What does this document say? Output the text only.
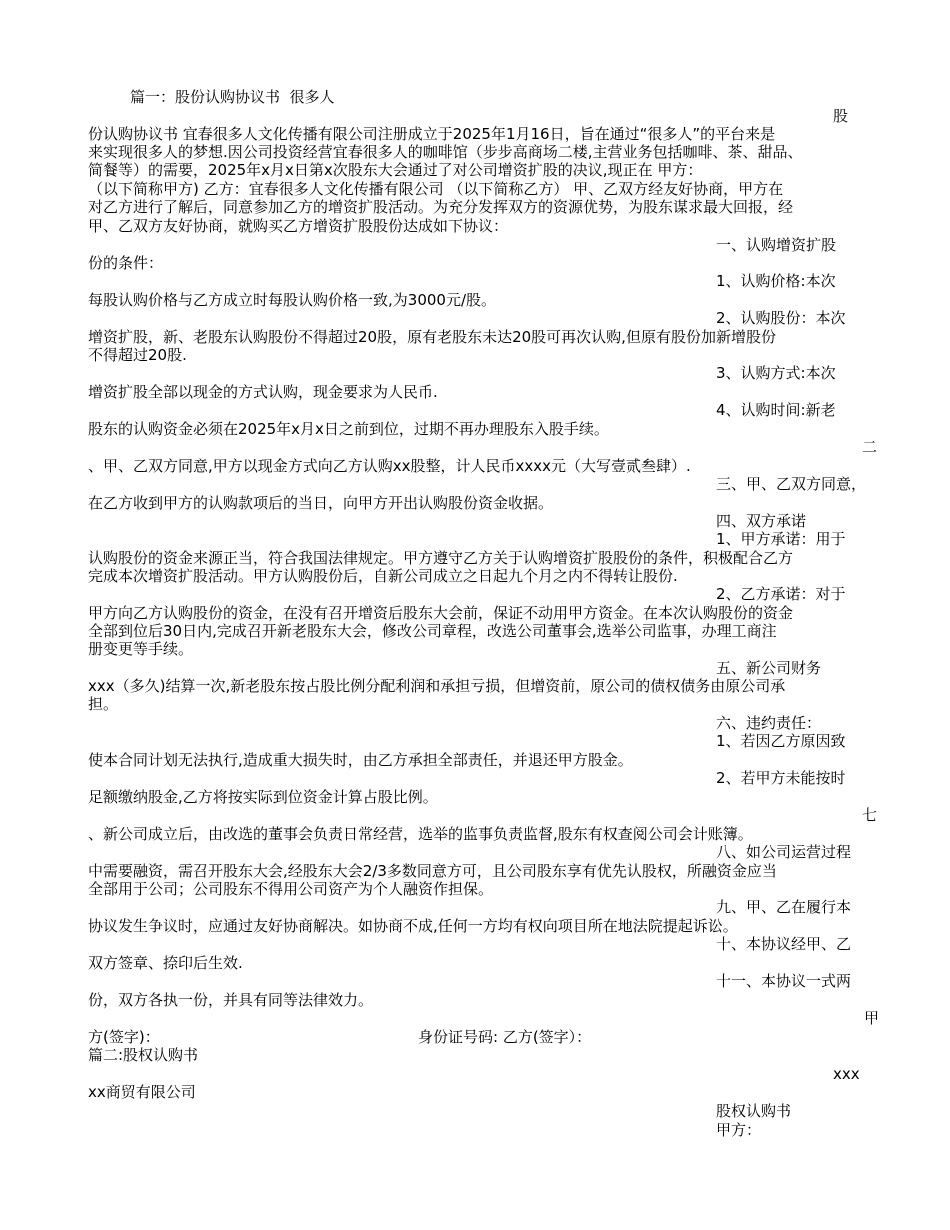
篇一：股份认购协议书  很多人

股

份认购协议书 宜春很多人文化传播有限公司注册成立于2025年1月16日，旨在通过“很多人”的平台来是

来实现很多人的梦想.因公司投资经营宜春很多人的咖啡馆（步步高商场二楼,主营业务包括咖啡、茶、甜品、

简餐等）的需要，2025年x月x日第x次股东大会通过了对公司增资扩股的决议,现正在 甲方：

（以下简称甲方) 乙方：宜春很多人文化传播有限公司 （以下简称乙方） 甲、乙双方经友好协商，甲方在

对乙方进行了解后，同意参加乙方的增资扩股活动。为充分发挥双方的资源优势，为股东谋求最大回报，经

甲、乙双方友好协商，就购买乙方增资扩股股份达成如下协议：

一、认购增资扩股

份的条件：

1、认购价格:本次

每股认购价格与乙方成立时每股认购价格一致,为3000元/股。

2、认购股份：本次

增资扩股，新、老股东认购股份不得超过20股，原有老股东未达20股可再次认购,但原有股份加新增股份

不得超过20股.

3、认购方式:本次

增资扩股全部以现金的方式认购，现金要求为人民币.

4、认购时间:新老

股东的认购资金必须在2025年x月x日之前到位，过期不再办理股东入股手续。

二

、甲、乙双方同意,甲方以现金方式向乙方认购xx股整，计人民币xxxx元（大写壹贰叁肆）.

三、甲、乙双方同意，

在乙方收到甲方的认购款项后的当日，向甲方开出认购股份资金收据。

四、双方承诺

1、甲方承诺：用于

认购股份的资金来源正当，符合我国法律规定。甲方遵守乙方关于认购增资扩股股份的条件，积极配合乙方

完成本次增资扩股活动。甲方认购股份后，自新公司成立之日起九个月之内不得转让股份.

2、乙方承诺：对于

甲方向乙方认购股份的资金，在没有召开增资后股东大会前，保证不动用甲方资金。在本次认购股份的资金

全部到位后30日内,完成召开新老股东大会，修改公司章程，改选公司董事会,选举公司监事，办理工商注

册变更等手续。

五、新公司财务

xxx（多久)结算一次,新老股东按占股比例分配利润和承担亏损，但增资前，原公司的债权债务由原公司承

担。

六、违约责任：

1、若因乙方原因致

使本合同计划无法执行,造成重大损失时，由乙方承担全部责任，并退还甲方股金。

2、若甲方未能按时

足额缴纳股金,乙方将按实际到位资金计算占股比例。

七

、新公司成立后，由改选的董事会负责日常经营，选举的监事负责监督,股东有权查阅公司会计账簿。

八、如公司运营过程

中需要融资，需召开股东大会,经股东大会2/3多数同意方可，且公司股东享有优先认股权，所融资金应当

全部用于公司；公司股东不得用公司资产为个人融资作担保。

九、甲、乙在履行本

协议发生争议时，应通过友好协商解决。如协商不成,任何一方均有权向项目所在地法院提起诉讼。

十、本协议经甲、乙

双方签章、捺印后生效.

十一、本协议一式两

份，双方各执一份，并具有同等法律效力。

甲

方(签字)：	身份证号码: 乙方(签字）：

篇二:股权认购书

xxx

xx商贸有限公司

股权认购书

甲方：
